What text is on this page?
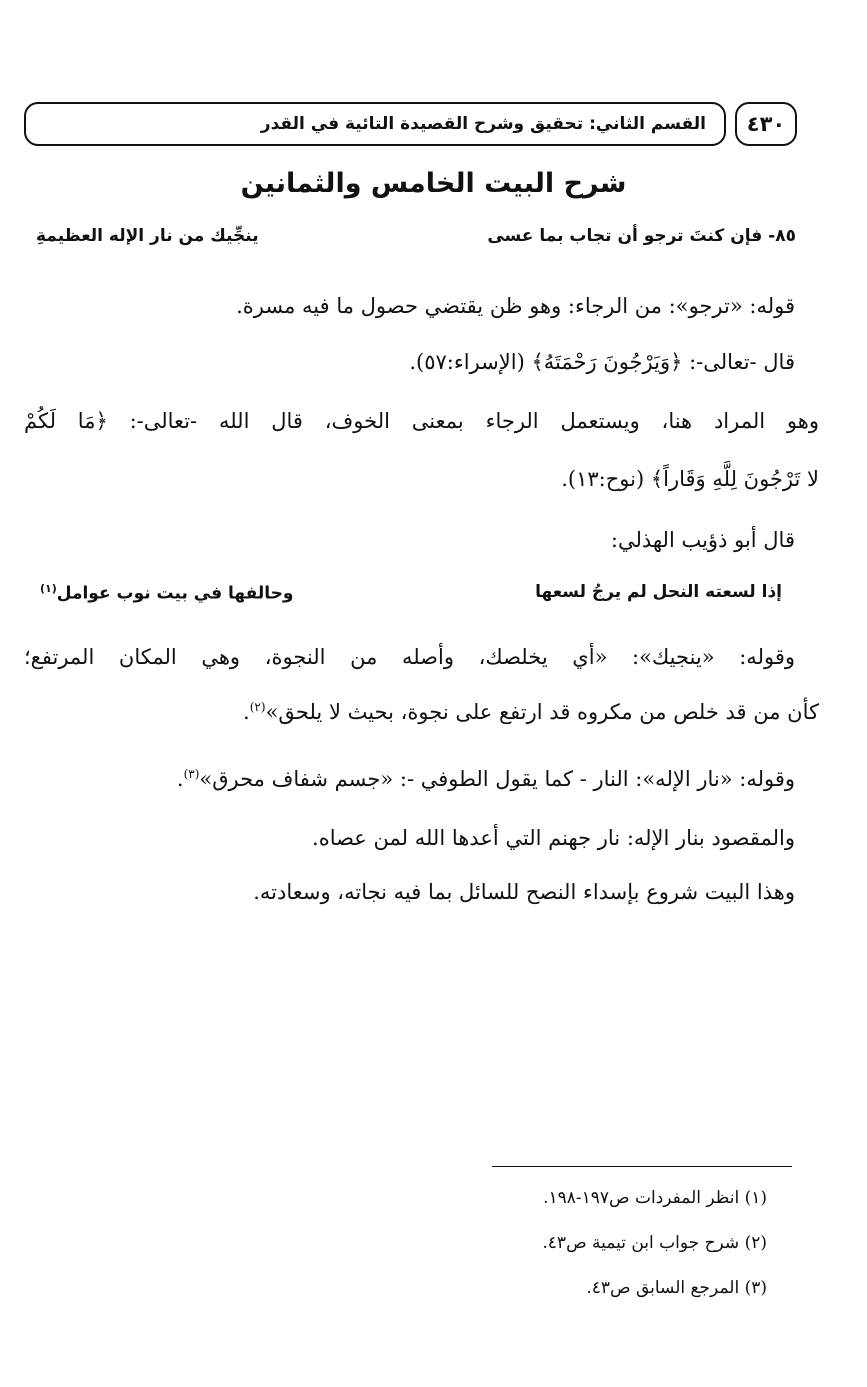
القسم الثاني: تحقيق وشرح القصيدة التائية في القدر ٤٣٠
شرح البيت الخامس والثمانين
٨٥- فإن كنتَ ترجو أن تجاب بما عسى
ينجِّيك من نار الإله العظيمةِ
قوله: «ترجو»: من الرجاء: وهو ظن يقتضي حصول ما فيه مسرة.
قال -تعالى-: ﴿وَيَرْجُونَ رَحْمَتَهُ﴾ (الإسراء:٥٧).
وهو المراد هنا، ويستعمل الرجاء بمعنى الخوف، قال الله -تعالى-: ﴿مَا لَكُمْ
لا تَرْجُونَ لِلَّهِ وَقَاراً﴾ (نوح:١٣).
قال أبو ذؤيب الهذلي:
إذا لسعته النحل لم يرجُ لسعها
وحالفها في بيت نوب عوامل$^{(١)}$
وقوله: «ينجيك»: «أي يخلصك، وأصله من النجوة، وهي المكان المرتفع؛
كأن من قد خلص من مكروه قد ارتفع على نجوة، بحيث لا يلحق»$^{(٢)}$.
وقوله: «نار الإله»: النار - كما يقول الطوفي -: «جسم شفاف محرق»$^{(٣)}$.
والمقصود بنار الإله: نار جهنم التي أعدها الله لمن عصاه.
وهذا البيت شروع بإسداء النصح للسائل بما فيه نجاته، وسعادته.
(١) انظر المفردات ص١٩٧-١٩٨.
(٢) شرح جواب ابن تيمية ص٤٣.
(٣) المرجع السابق ص٤٣.
